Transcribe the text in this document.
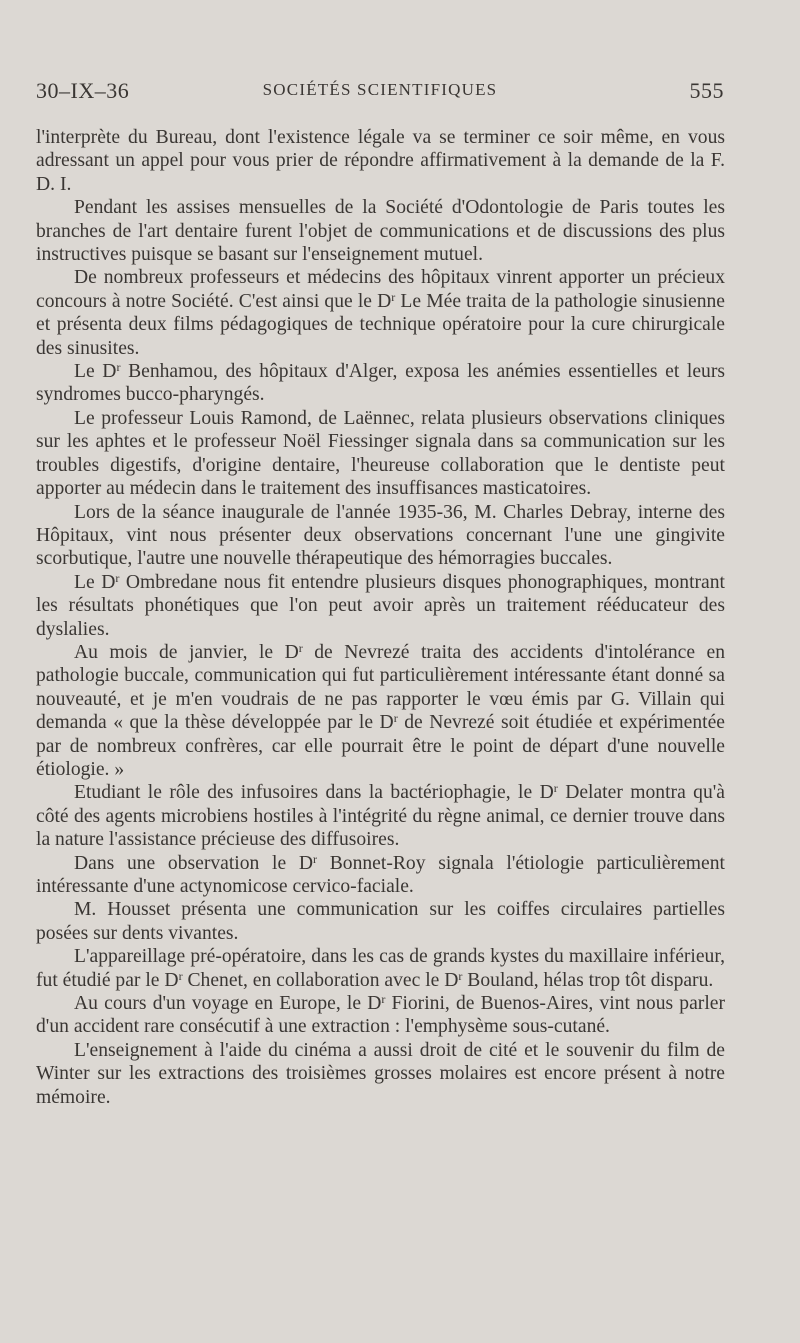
30–IX–36	SOCIÉTÉS SCIENTIFIQUES	555

l'interprète du Bureau, dont l'existence légale va se terminer ce soir même, en vous adressant un appel pour vous prier de répondre affirmativement à la demande de la F. D. I.

Pendant les assises mensuelles de la Société d'Odontologie de Paris toutes les branches de l'art dentaire furent l'objet de communications et de discussions des plus instructives puisque se basant sur l'enseignement mutuel.

De nombreux professeurs et médecins des hôpitaux vinrent apporter un précieux concours à notre Société. C'est ainsi que le $D^r$ Le Mée traita de la pathologie sinusienne et présenta deux films pédagogiques de technique opératoire pour la cure chirurgicale des sinusites.

Le $D^r$ Benhamou, des hôpitaux d'Alger, exposa les anémies essentielles et leurs syndromes bucco-pharyngés.

Le professeur Louis Ramond, de Laënnec, relata plusieurs observations cliniques sur les aphtes et le professeur Noël Fiessinger signala dans sa communication sur les troubles digestifs, d'origine dentaire, l'heureuse collaboration que le dentiste peut apporter au médecin dans le traitement des insuffisances masticatoires.

Lors de la séance inaugurale de l'année 1935-36, M. Charles Debray, interne des Hôpitaux, vint nous présenter deux observations concernant l'une une gingivite scorbutique, l'autre une nouvelle thérapeutique des hémorragies buccales.

Le $D^r$ Ombredane nous fit entendre plusieurs disques phonographiques, montrant les résultats phonétiques que l'on peut avoir après un traitement rééducateur des dyslalies.

Au mois de janvier, le $D^r$ de Nevrezé traita des accidents d'intolérance en pathologie buccale, communication qui fut particulièrement intéressante étant donné sa nouveauté, et je m'en voudrais de ne pas rapporter le vœu émis par G. Villain qui demanda « que la thèse développée par le $D^r$ de Nevrezé soit étudiée et expérimentée par de nombreux confrères, car elle pourrait être le point de départ d'une nouvelle étiologie. »

Etudiant le rôle des infusoires dans la bactériophagie, le $D^r$ Delater montra qu'à côté des agents microbiens hostiles à l'intégrité du règne animal, ce dernier trouve dans la nature l'assistance précieuse des diffusoires.

Dans une observation le $D^r$ Bonnet-Roy signala l'étiologie particulièrement intéressante d'une actynomicose cervico-faciale.

M. Housset présenta une communication sur les coiffes circulaires partielles posées sur dents vivantes.

L'appareillage pré-opératoire, dans les cas de grands kystes du maxillaire inférieur, fut étudié par le $D^r$ Chenet, en collaboration avec le $D^r$ Bouland, hélas trop tôt disparu.

Au cours d'un voyage en Europe, le $D^r$ Fiorini, de Buenos-Aires, vint nous parler d'un accident rare consécutif à une extraction : l'emphysème sous-cutané.

L'enseignement à l'aide du cinéma a aussi droit de cité et le souvenir du film de Winter sur les extractions des troisièmes grosses molaires est encore présent à notre mémoire.
